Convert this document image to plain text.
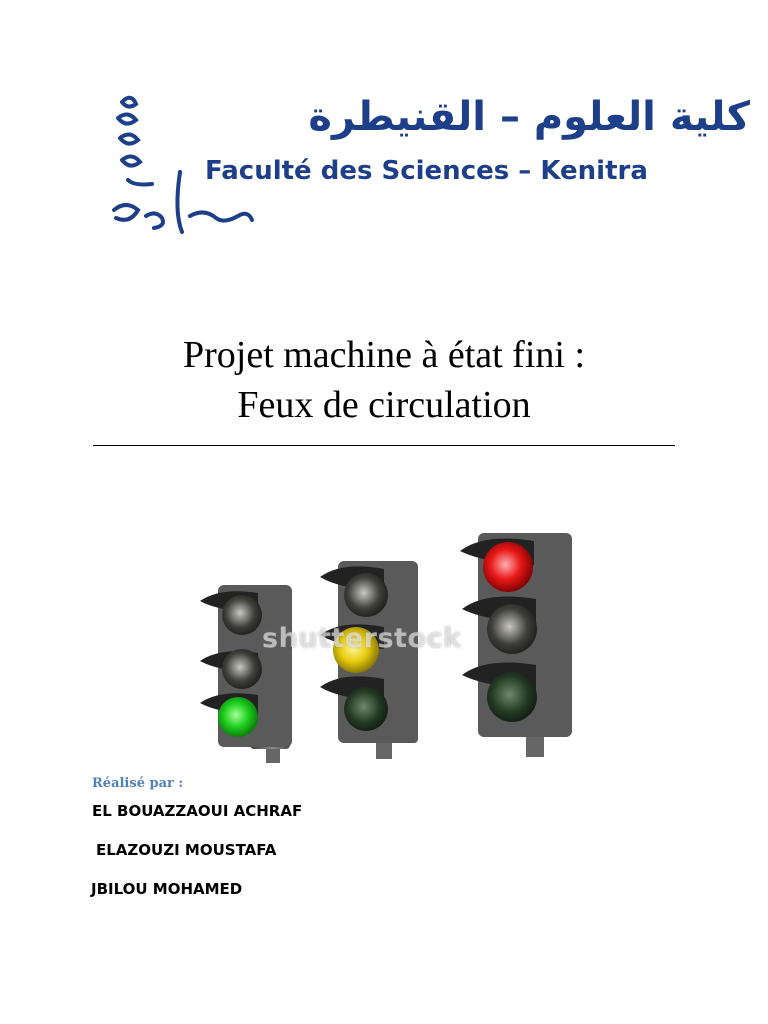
كلية العلوم – القنيطرة
Faculté des Sciences – Kenitra
Projet machine à état fini :
Feux de circulation
shutterstock
Réalisé par :
EL BOUAZZAOUI ACHRAF
ELAZOUZI MOUSTAFA
JBILOU MOHAMED
